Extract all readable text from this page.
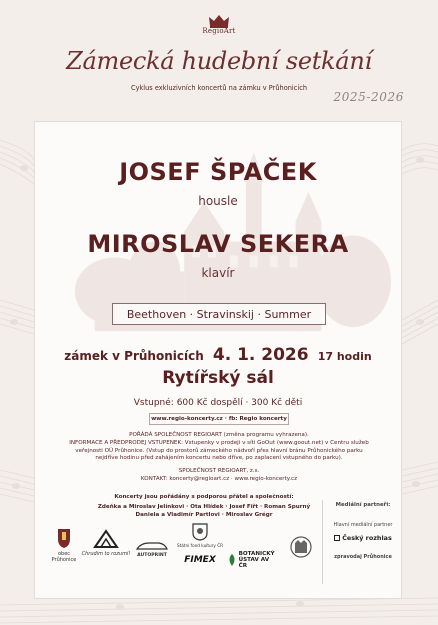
RegioArt
Zámecká hudební setkání
Cyklus exkluzivních koncertů na zámku v Průhonicích
2025-2026
JOSEF ŠPAČEK
housle
MIROSLAV SEKERA
klavír
Beethoven · Stravinskij · Summer
zámek v Průhonicích 4. 1. 2026 17 hodin
Rytířský sál
Vstupné: 600 Kč dospělí · 300 Kč děti
www.regio-koncerty.cz · fb: Regio koncerty
POŘÁDÁ SPOLEČNOST REGIOART (změna programu vyhrazena).
INFORMACE A PŘEDPRODEJ VSTUPENEK: Vstupenky v prodeji v síti GoOut (www.goout.net) v Centru služeb
veřejnosti OÚ Průhonice. (Vstup do prostorů zámeckého nádvoří přes hlavní bránu Průhonického parku
nejdříve hodinu před zahájením koncertu nebo dříve, po zaplacení vstupného do parku).
SPOLEČNOST REGIOART, z.s.
KONTAKT: koncerty@regioart.cz · www.regio-koncerty.cz
Koncerty jsou pořádány s podporou přátel a společností:
Zdeňka a Miroslav Jelínkovi · Ota Hlídek · Josef Fiřt · Roman Spurný
Daniela a Vladimír Partlovi · Miroslav Grégr
Mediální partneři:
Hlavní mediální partner
Český rozhlas
zpravodaj Průhonice
obec Průhonice
Chrudim to rozumí!	AUTOPRINT
Státní fond kultury ČR
FIMEX
BOTANICKÝ ÚSTAV AV ČR
